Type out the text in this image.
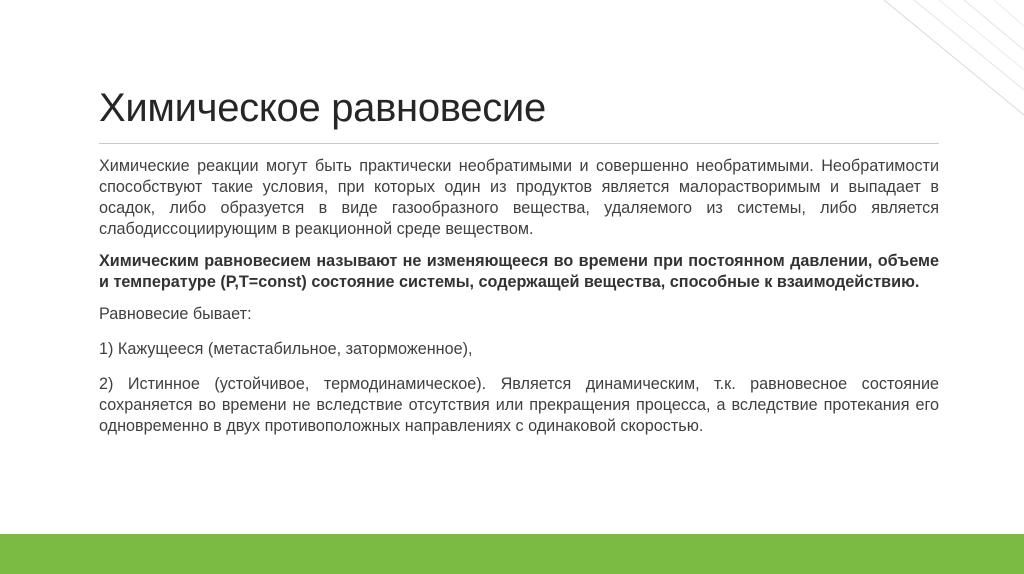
Химическое равновесие

Химические реакции могут быть практически необратимыми и совершенно необратимыми. Необратимости способствуют такие условия, при которых один из продуктов является малорастворимым и выпадает в осадок, либо образуется в виде газообразного вещества, удаляемого из системы, либо является слабодиссоциирующим в реакционной среде веществом.

Химическим равновесием называют не изменяющееся во времени при постоянном давлении, объеме и температуре (P,T=const) состояние системы, содержащей вещества, способные к взаимодействию.

Равновесие бывает:

1) Кажущееся (метастабильное, заторможенное),

2) Истинное (устойчивое, термодинамическое). Является динамическим, т.к. равновесное состояние сохраняется во времени не вследствие отсутствия или прекращения процесса, а вследствие протекания его одновременно в двух противоположных направлениях с одинаковой скоростью.
